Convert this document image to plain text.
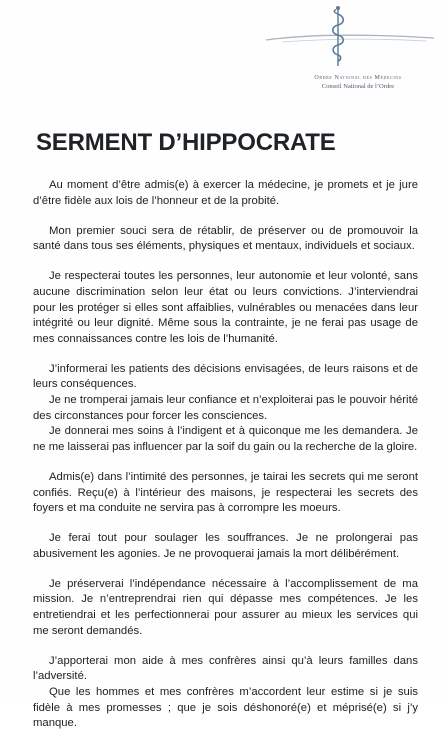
Ordre National des Médecins
Conseil National de l’Ordre
SERMENT D’HIPPOCRATE

Au moment d’être admis(e) à exercer la médecine, je promets et je jure d’être fidèle aux lois de l’honneur et de la probité.

Mon premier souci sera de rétablir, de préserver ou de promouvoir la santé dans tous ses éléments, physiques et mentaux, individuels et sociaux.

Je respecterai toutes les personnes, leur autonomie et leur volonté, sans aucune discrimination selon leur état ou leurs convictions. J’interviendrai pour les protéger si elles sont affaiblies, vulnérables ou menacées dans leur intégrité ou leur dignité. Même sous la contrainte, je ne ferai pas usage de mes connaissances contre les lois de l’humanité.

J’informerai les patients des décisions envisagées, de leurs raisons et de leurs conséquences.

Je ne tromperai jamais leur confiance et n’exploiterai pas le pouvoir hérité des circonstances pour forcer les consciences.

Je donnerai mes soins à l’indigent et à quiconque me les demandera. Je ne me laisserai pas influencer par la soif du gain ou la recherche de la gloire.

Admis(e) dans l’intimité des personnes, je tairai les secrets qui me seront confiés. Reçu(e) à l’intérieur des maisons, je respecterai les secrets des foyers et ma conduite ne servira pas à corrompre les moeurs.

Je ferai tout pour soulager les souffrances. Je ne prolongerai pas abusivement les agonies. Je ne provoquerai jamais la mort délibérément.

Je préserverai l’indépendance nécessaire à l’accomplissement de ma mission. Je n’entreprendrai rien qui dépasse mes compétences. Je les entretiendrai et les perfectionnerai pour assurer au mieux les services qui me seront demandés.

J’apporterai mon aide à mes confrères ainsi qu’à leurs familles dans l’adversité.

Que les hommes et mes confrères m’accordent leur estime si je suis fidèle à mes promesses ; que je sois déshonoré(e) et méprisé(e) si j’y manque.
